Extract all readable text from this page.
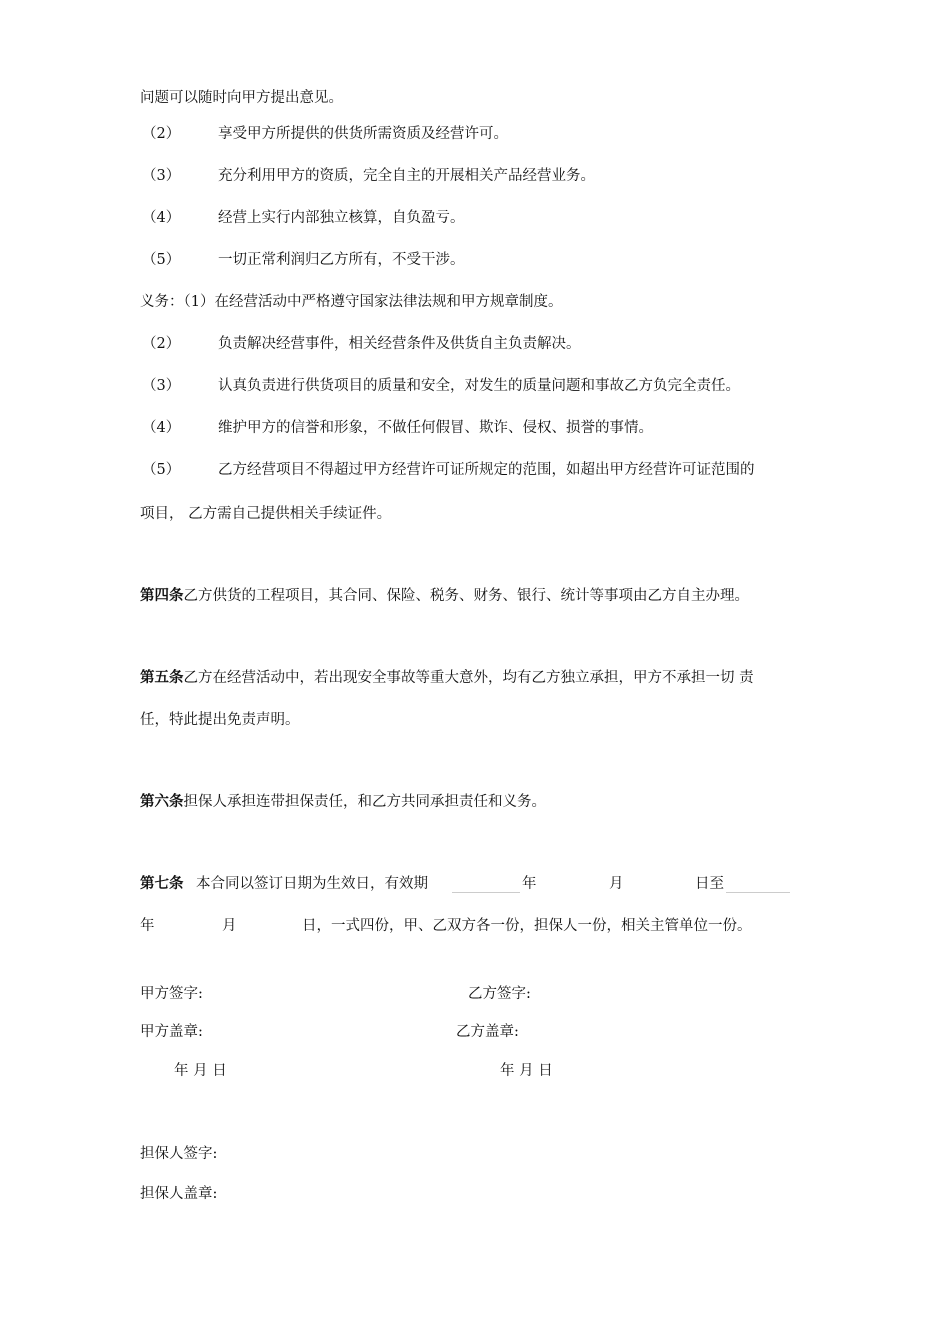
问题可以随时向甲方提出意见。
（2）	享受甲方所提供的供货所需资质及经营许可。
（3）	充分利用甲方的资质，完全自主的开展相关产品经营业务。
（4）	经营上实行内部独立核算，自负盈亏。
（5）	一切正常利润归乙方所有，不受干涉。
义务：（1）在经营活动中严格遵守国家法律法规和甲方规章制度。
（2）	负责解决经营事件，相关经营条件及供货自主负责解决。
（3）	认真负责进行供货项目的质量和安全，对发生的质量问题和事故乙方负完全责任。
（4）	维护甲方的信誉和形象，不做任何假冒、欺诈、侵权、损誉的事情。
（5）	乙方经营项目不得超过甲方经营许可证所规定的范围，如超出甲方经营许可证范围的
项目， 乙方需自己提供相关手续证件。
第四条乙方供货的工程项目，其合同、保险、税务、财务、银行、统计等事项由乙方自主办理。
第五条乙方在经营活动中，若出现安全事故等重大意外，均有乙方独立承担，甲方不承担一切 责
任，特此提出免责声明。
第六条担保人承担连带担保责任，和乙方共同承担责任和义务。
第七条 本合同以签订日期为生效日，有效期	年	月	日至
年	月	日，一式四份，甲、乙双方各一份，担保人一份，相关主管单位一份。
甲方签字:	乙方签字:
甲方盖章:	乙方盖章:
年 月 日	年 月 日
担保人签字:
担保人盖章:
